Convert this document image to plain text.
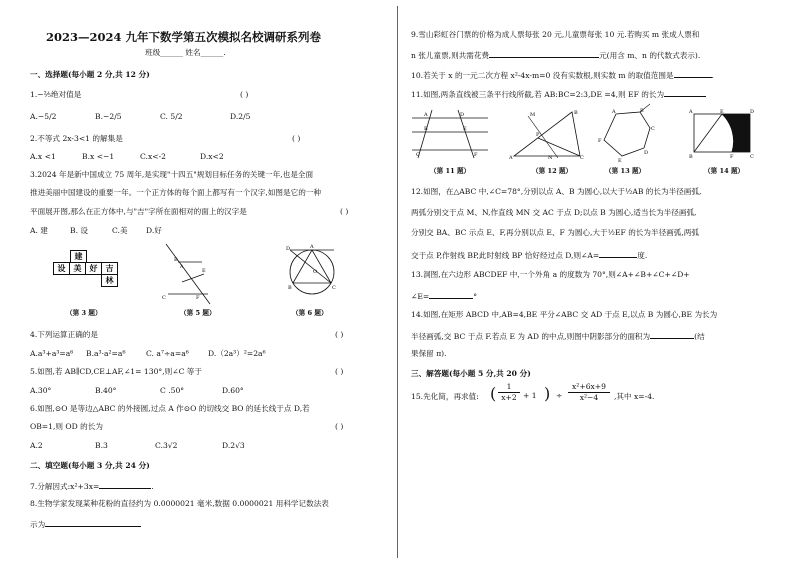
2023—2024 九年下数学第五次模拟名校调研系列卷
班级______ 姓名______.
一、选择题(每小题 2 分,共 12 分)
1.−²⁄₅绝对值是	( )
A.−5/2	B.−2/5	C. 5/2	D.2/5
2.不等式 2x-3<1 的解集是	( )
A.x <1	B.x <−1	C.x<-2	D.x<2
3.2024 年是新中国成立 75 周年,是实现"十四五"规划目标任务的关键一年,也是全面
推进美丽中国建设的重要一年。一个正方体的每个面上都写有一个汉字,如图是它的一种
平面展开图,那么在正方体中,与"吉"字所在面相对的面上的汉字是	( )
A. 建	B. 设	C.美 D.好
建
设	美	好	吉
林
（第 3 题）
B
A
C
E
F
（第 5 题）
A
D
B	C
O
（第 6 题）
4.下列运算正确的是	( )
A.a³+a³=a⁶ B.a³·a²=a⁶	C. a⁷÷a=a⁶	D.（2a³）²=2a⁶
5.如图,若 AB∥CD,CE⊥AF,∠1= 130°,则∠C 等于	( )
A.30°	B.40°	C .50°	D.60°
6.如图,⊙O 是等边△ABC 的外接圆,过点 A 作⊙O 的切线交 BO 的延长线于点 D,若
OB=1,则 OD 的长为	( )
A.2	B.3	C.3√2	D.2√3
二、填空题(每小题 3 分,共 24 分)
7.分解因式:x²+3x=	.
8.生物学家发现某种花粉的直径约为 0.0000021 毫米,数据 0.0000021 用科学记数法表
示为
9.雪山彩虹谷门票的价格为成人票每张 20 元,儿童票每张 10 元.若购买 m 张成人票和
n 张儿童票,则共需花费	元(用含 m、n 的代数式表示).
10.若关于 x 的一元二次方程 x²-4x-m=0 没有实数根,则实数 m 的取值范围是	.
11.如图,两条直线被三条平行线所截,若 AB:BC=2:3,DE =4,则 EF 的长为
A
B
C
D
E
F
（第 11 题）
A	C
B
M
N
P
（第 12 题）
A	B
C
D
E
F
（第 13 题）
A	E	D
B	F	C
（第 14 题）
12.如图，在△ABC 中,∠C=78°,分别以点 A、B 为圆心,以大于½AB 的长为半径画弧,
两弧分别交于点 M、N,作直线 MN 交 AC 于点 D;以点 B 为圆心,适当长为半径画弧,
分别交 BA、BC 示点 E、F,再分别以点 E、F 为圆心,大于½EF 的长为半径画弧,两弧
交于点 P,作射线 BP,此时射线 BP 恰好经过点 D,则∠A=	度.
13.洞图,在六边形 ABCDEF 中,一个外角 a 的度数为 70°,则∠A+∠B+∠C+∠D+
∠E=	°
14.如图,在矩形 ABCD 中,AB=4,BE 平分∠ABC 交 AD 于点 E,以点 B 为圆心,BE 为长为
半径画弧,交 BC 于点 F.若点 E 为 AD 的中点,则图中阴影部分的面积为	(结
果保留 π).
三、解答题(每小题 5 分,共 20 分)
15.先化简，再求值: ( $\frac{1}{x+2} + 1$ ) ÷ $\frac{\text{x²+6x+9}}{\text{x²−4}}$ ,其中 x=-4.
